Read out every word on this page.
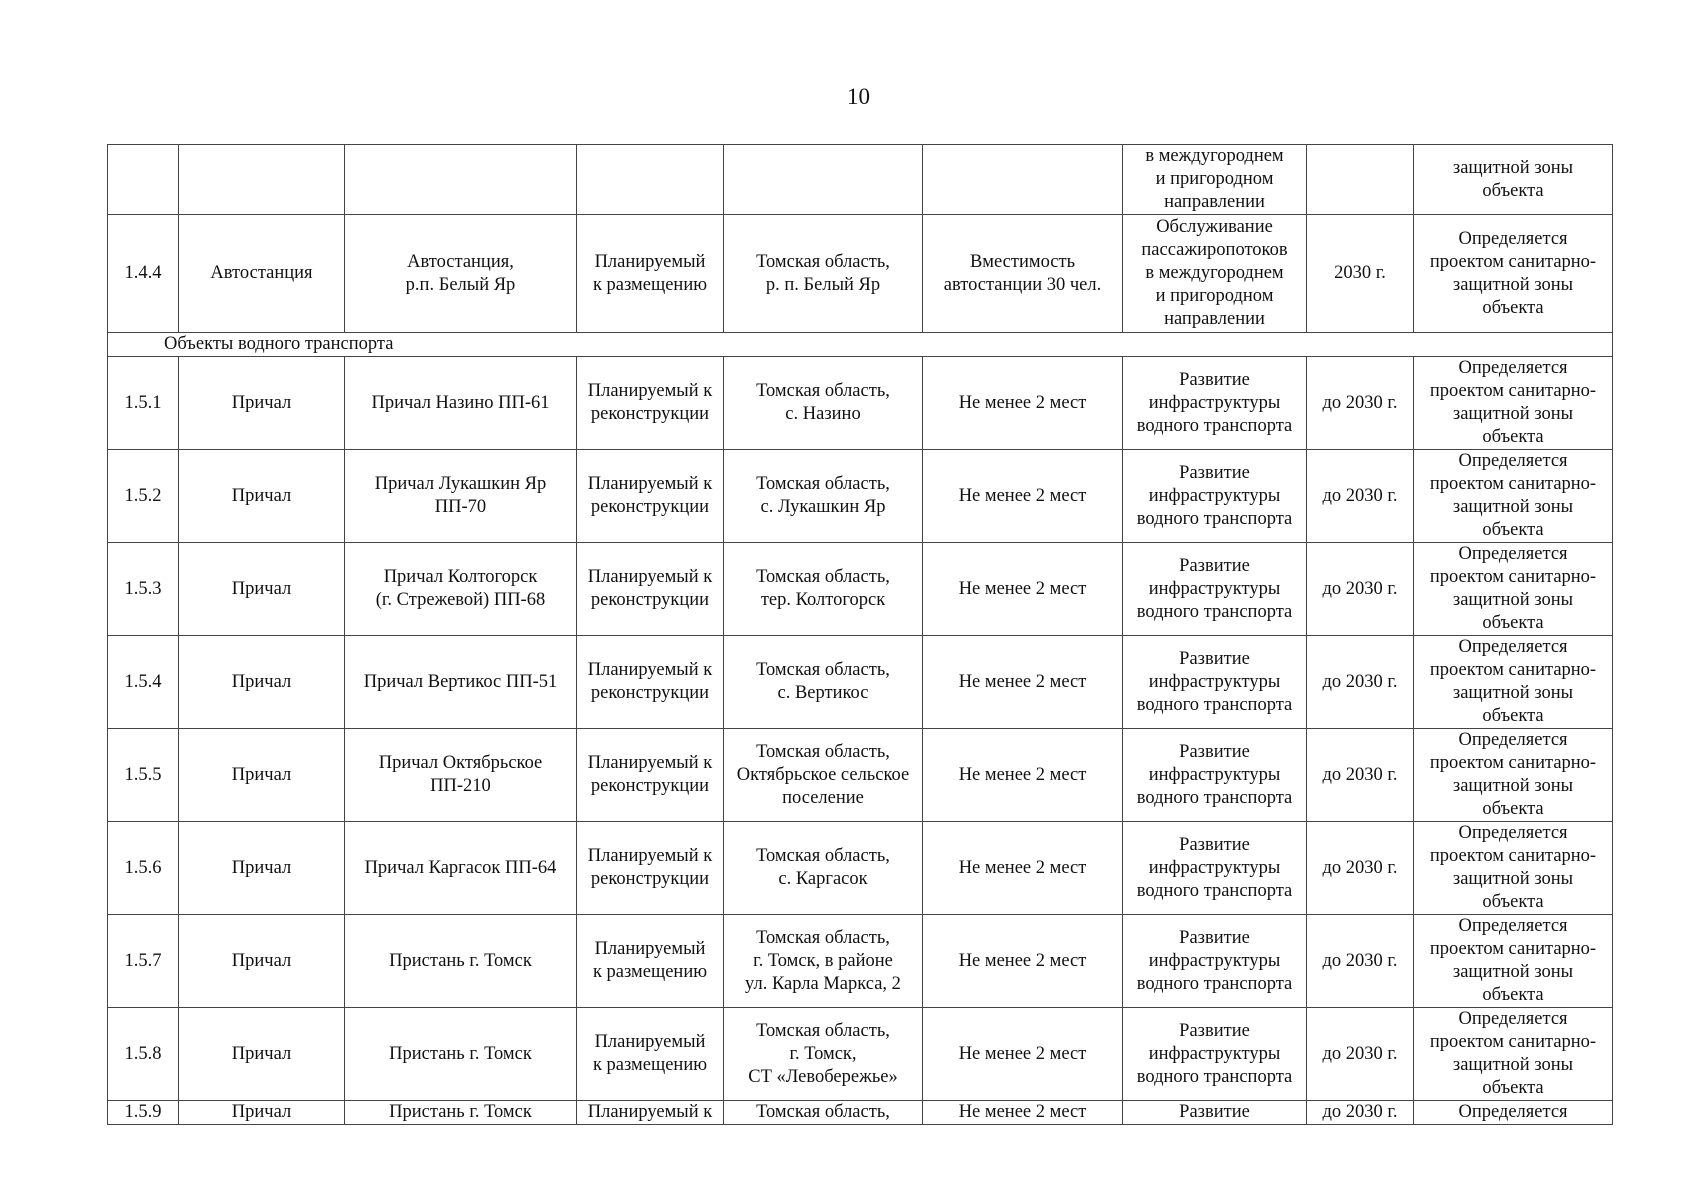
10
						в междугороднем
и пригородном
направлении		защитной зоны
объекта
1.4.4	Автостанция	Автостанция,
р.п. Белый Яр	Планируемый
к размещению	Томская область,
р. п. Белый Яр	Вместимость
автостанции 30 чел.	Обслуживание
пассажиропотоков
в междугороднем
и пригородном
направлении	2030 г.	Определяется
проектом санитарно-
защитной зоны
объекта
Объекты водного транспорта								
1.5.1	Причал	Причал Назино ПП-61	Планируемый к
реконструкции	Томская область,
с. Назино	Не менее 2 мест	Развитие
инфраструктуры
водного транспорта	до 2030 г.	Определяется
проектом санитарно-
защитной зоны
объекта
1.5.2	Причал	Причал Лукашкин Яр
ПП-70	Планируемый к
реконструкции	Томская область,
с. Лукашкин Яр	Не менее 2 мест	Развитие
инфраструктуры
водного транспорта	до 2030 г.	Определяется
проектом санитарно-
защитной зоны
объекта
1.5.3	Причал	Причал Колтогорск
(г. Стрежевой) ПП-68	Планируемый к
реконструкции	Томская область,
тер. Колтогорск	Не менее 2 мест	Развитие
инфраструктуры
водного транспорта	до 2030 г.	Определяется
проектом санитарно-
защитной зоны
объекта
1.5.4	Причал	Причал Вертикос ПП-51	Планируемый к
реконструкции	Томская область,
с. Вертикос	Не менее 2 мест	Развитие
инфраструктуры
водного транспорта	до 2030 г.	Определяется
проектом санитарно-
защитной зоны
объекта
1.5.5	Причал	Причал Октябрьское
ПП-210	Планируемый к
реконструкции	Томская область,
Октябрьское сельское
поселение	Не менее 2 мест	Развитие
инфраструктуры
водного транспорта	до 2030 г.	Определяется
проектом санитарно-
защитной зоны
объекта
1.5.6	Причал	Причал Каргасок ПП-64	Планируемый к
реконструкции	Томская область,
с. Каргасок	Не менее 2 мест	Развитие
инфраструктуры
водного транспорта	до 2030 г.	Определяется
проектом санитарно-
защитной зоны
объекта
1.5.7	Причал	Пристань г. Томск	Планируемый
к размещению	Томская область,
г. Томск, в районе
ул. Карла Маркса, 2	Не менее 2 мест	Развитие
инфраструктуры
водного транспорта	до 2030 г.	Определяется
проектом санитарно-
защитной зоны
объекта
1.5.8	Причал	Пристань г. Томск	Планируемый
к размещению	Томская область,
г. Томск,
СТ «Левобережье»	Не менее 2 мест	Развитие
инфраструктуры
водного транспорта	до 2030 г.	Определяется
проектом санитарно-
защитной зоны
объекта
1.5.9	Причал	Пристань г. Томск	Планируемый к	Томская область,	Не менее 2 мест	Развитие	до 2030 г.	Определяется
